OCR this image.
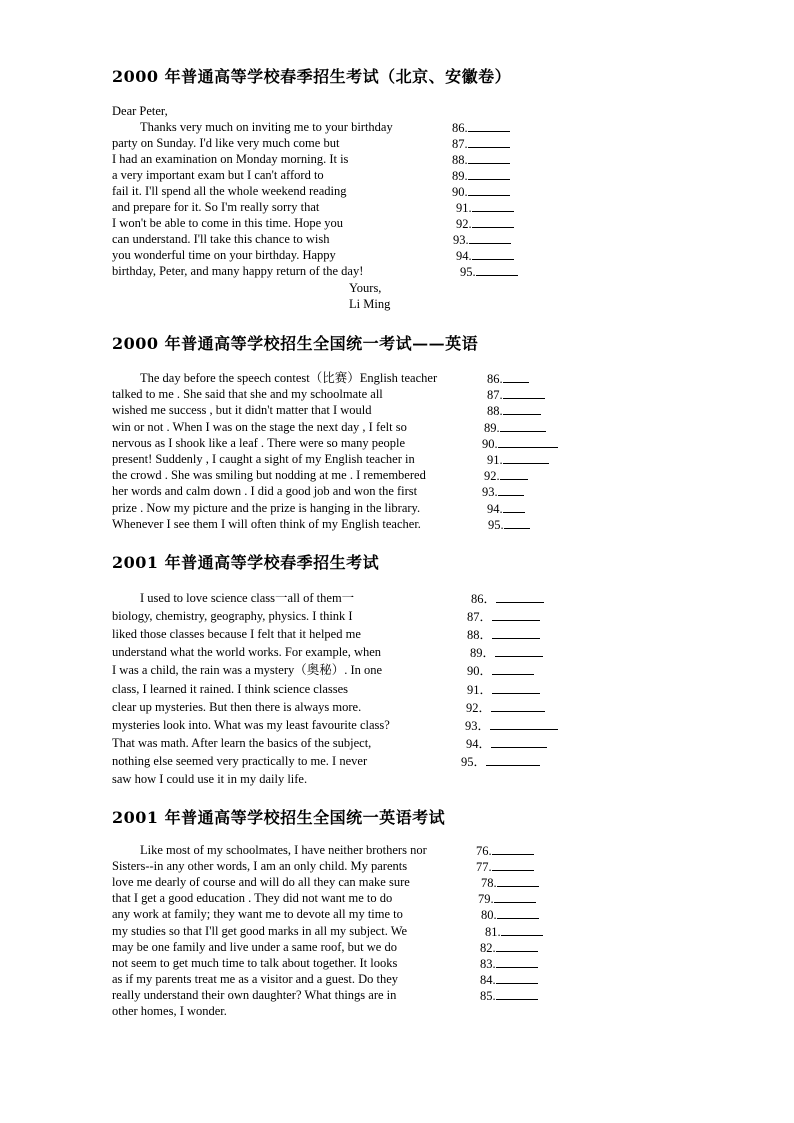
2000 年普通高等学校春季招生考试（北京、安徽卷）
Dear Peter,
Thanks very much on inviting me to your birthday	86.
party on Sunday. I'd like very much come but	87.
I had an examination on Monday morning. It is	88.
a very important exam but I can't afford to	89.
fail it. I'll spend all the whole weekend reading	90.
and prepare for it. So I'm really sorry that	91.
I won't be able to come in this time. Hope you	92.
can understand. I'll take this chance to wish	93.
you wonderful time on your birthday. Happy	94.
birthday, Peter, and many happy return of the day!	95.
Yours,
Li Ming
2000 年普通高等学校招生全国统一考试——英语
The day before the speech contest（比赛）English teacher	86.
talked to me . She said that she and my schoolmate all	87.
wished me success , but it didn't matter that I would	88.
win or not . When I was on the stage the next day , I felt so	89.
nervous as I shook like a leaf . There were so many people	90.
present! Suddenly , I caught a sight of my English teacher in	91.
the crowd . She was smiling but nodding at me . I remembered	92.
her words and calm down . I did a good job and won the first	93.
prize . Now my picture and the prize is hanging in the library.	94.
Whenever I see them I will often think of my English teacher.	95.
2001 年普通高等学校春季招生考试
I used to love science class一all of them一	86．
biology, chemistry, geography, physics. I think I	87．
liked those classes because I felt that it helped me	88．
understand what the world works. For example, when	89．
I was a child, the rain was a mystery（奥秘）. In one	90．
class, I learned it rained. I think science classes	91．
clear up mysteries. But then there is always more.	92．
mysteries look into. What was my least favourite class?	93．
That was math. After learn the basics of the subject,	94．
nothing else seemed very practically to me. I never	95．
saw how I could use it in my daily life.
2001 年普通高等学校招生全国统一英语考试
Like most of my schoolmates, I have neither brothers nor	76.
Sisters--in any other words, I am an only child. My parents	77.
love me dearly of course and will do all they can make sure	78.
that I get a good education . They did not want me to do	79.
any work at family; they want me to devote all my time to	80.
my studies so that I'll get good marks in all my subject. We	81.
may be one family and live under a same roof, but we do	82.
not seem to get much time to talk about together. It looks	83.
as if my parents treat me as a visitor and a guest. Do they	84.
really understand their own daughter? What things are in	85.
other homes, I wonder.
